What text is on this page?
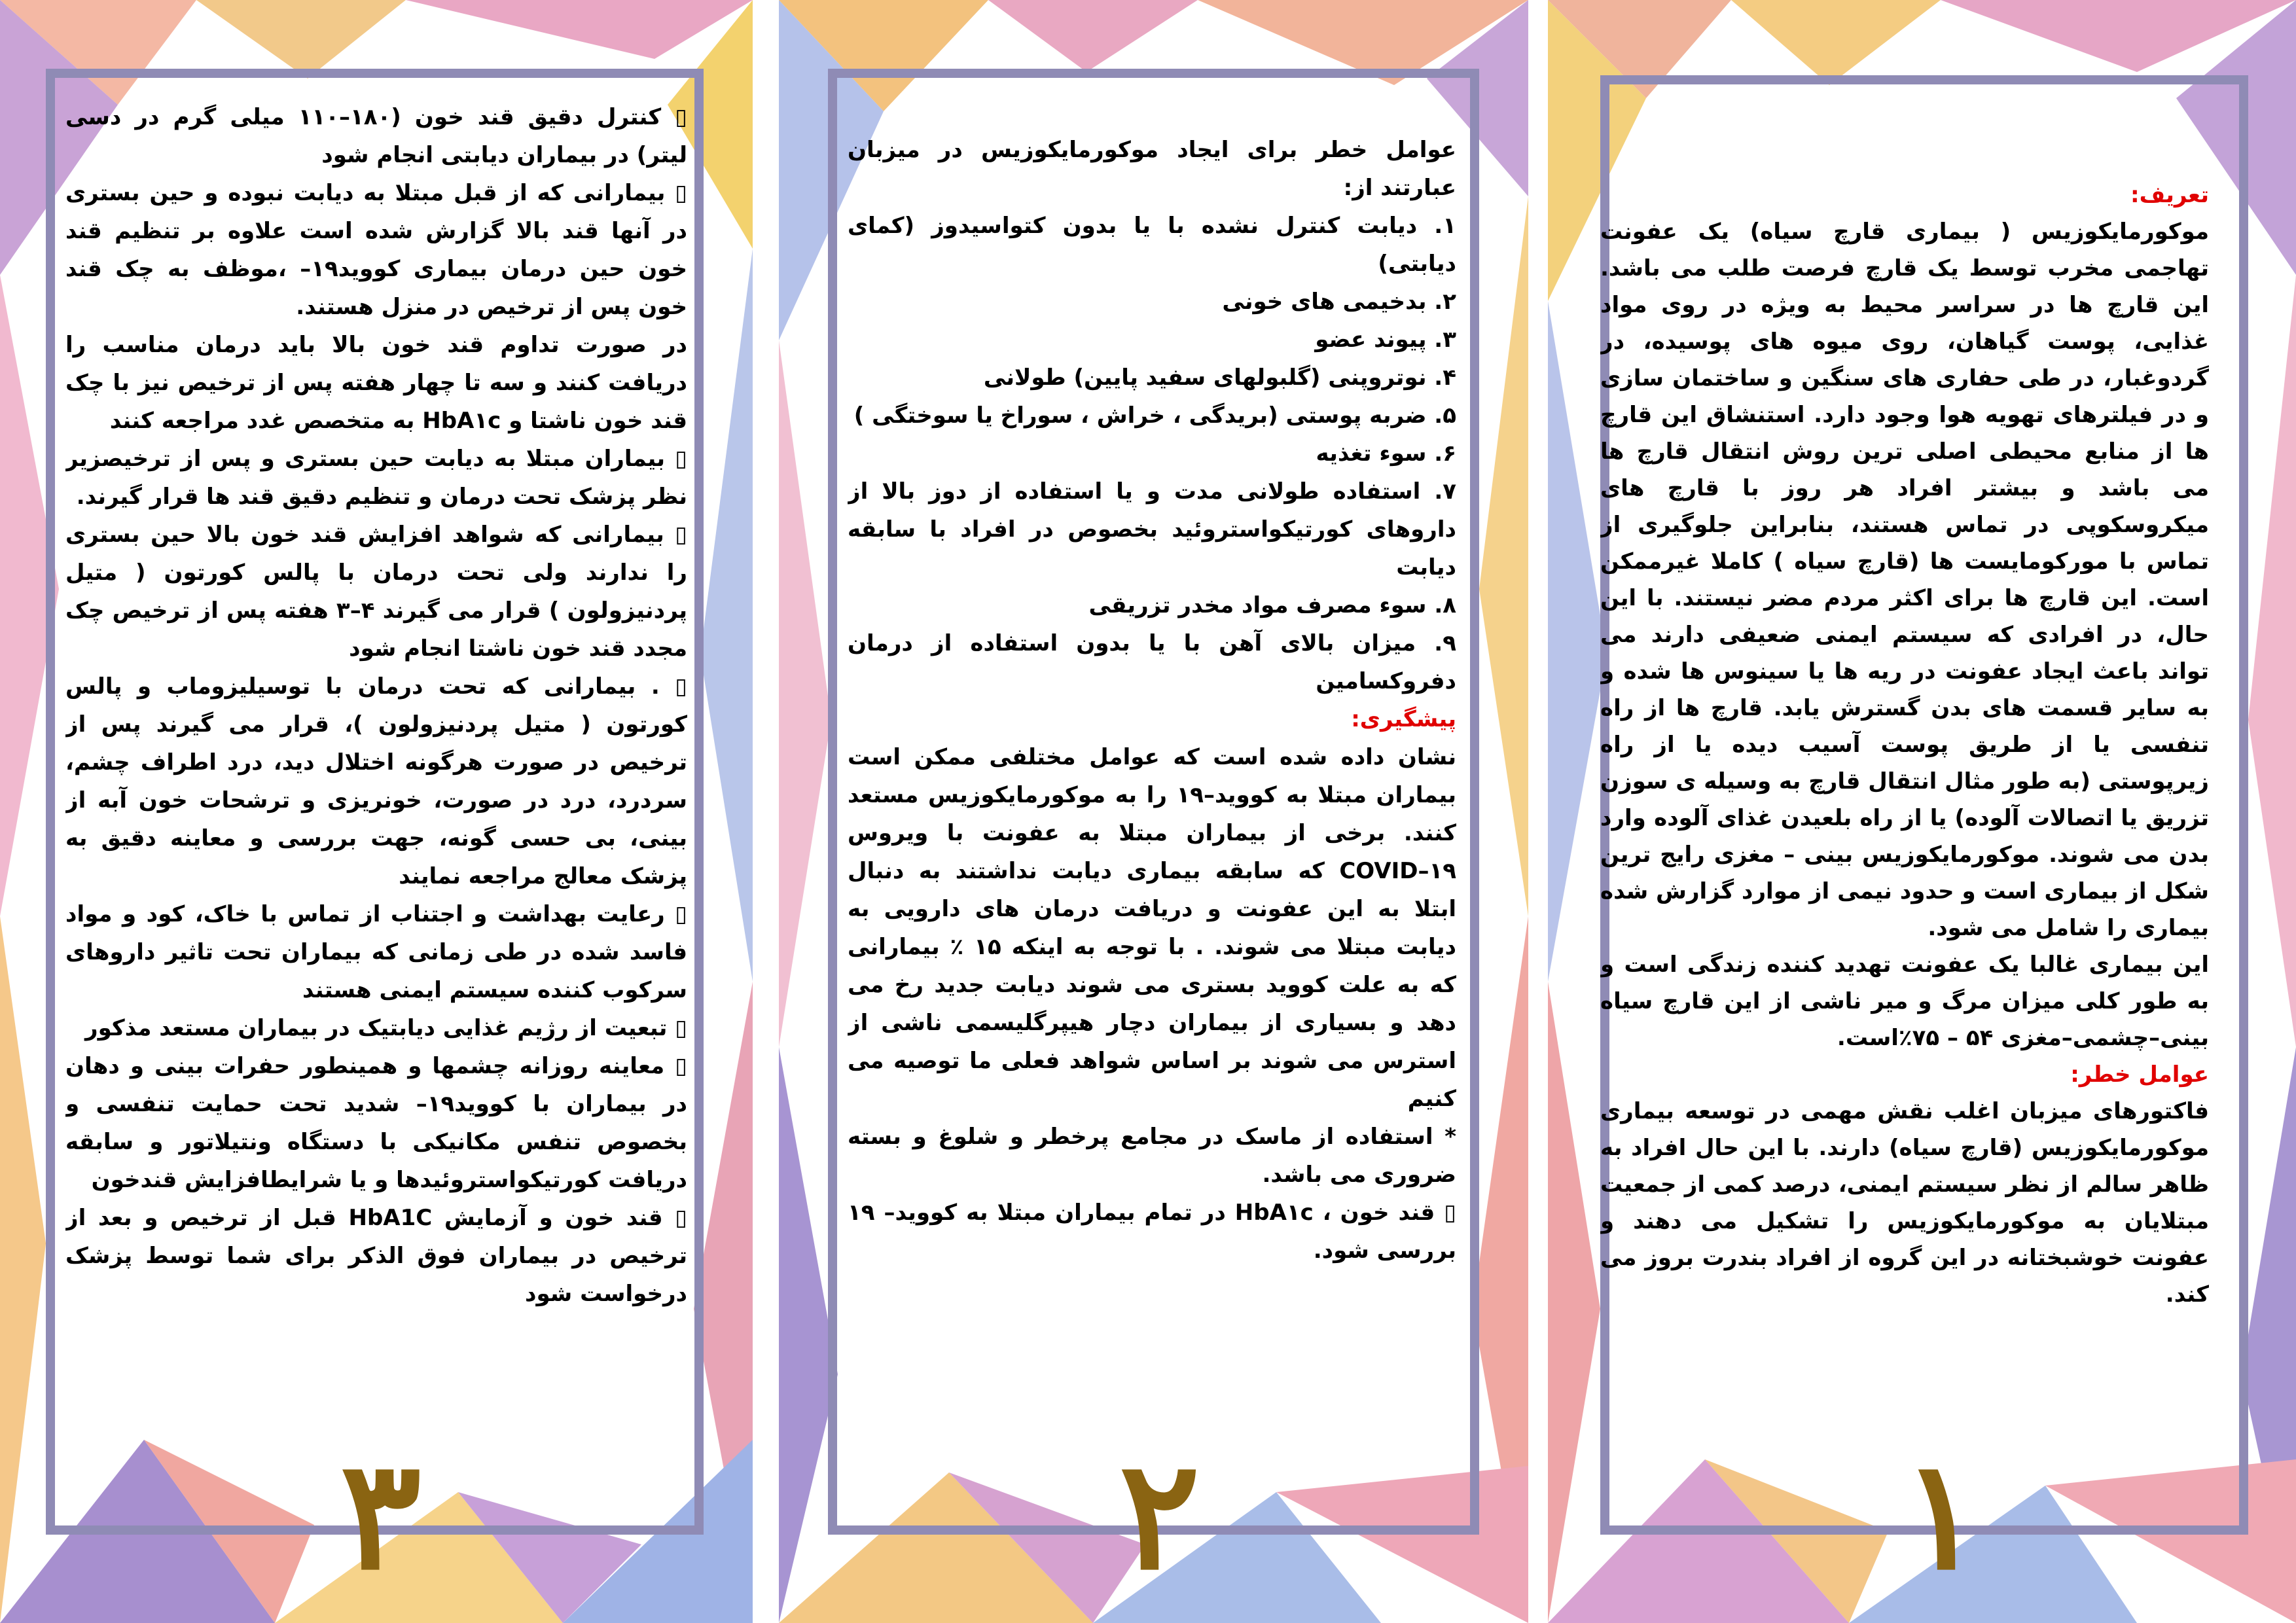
▯ کنترل دقیق قند خون (۱۸۰–۱۱۰ میلی گرم در دسی لیتر) در بیماران دیابتی انجام شود

▯ بیمارانی که از قبل مبتلا به دیابت نبوده و حین بستری در آنها قند بالا گزارش شده است علاوه بر تنظیم قند خون حین درمان بیماری کووید۱۹– ،موظف به چک قند خون پس از ترخیص در منزل هستند.

در صورت تداوم قند خون بالا باید درمان مناسب را دریافت کنند و سه تا چهار هفته پس از ترخیص نیز با چک قند خون ناشتا و HbA۱c به متخصص غدد مراجعه کنند

▯ بیماران مبتلا به دیابت حین بستری و پس از ترخیصزیر نظر پزشک تحت درمان و تنظیم دقیق قند ها قرار گیرند.

▯ بیمارانی که شواهد افزایش قند خون بالا حین بستری را ندارند ولی تحت درمان با پالس کورتون ( متیل پردنیزولون ) قرار می گیرند ۴–۳ هفته پس از ترخیص چک مجدد قند خون ناشتا انجام شود

▯ . بیمارانی که تحت درمان با توسیلیزوماب و پالس کورتون ( متیل پردنیزولون )، قرار می گیرند پس از ترخیص در صورت هرگونه اختلال دید، درد اطراف چشم، سردرد، درد در صورت، خونریزی و ترشحات خون آبه از بینی، بی حسی گونه، جهت بررسی و معاینه دقیق به پزشک معالج مراجعه نمایند

▯ رعایت بهداشت و اجتناب از تماس با خاک، کود و مواد فاسد شده در طی زمانی که بیماران تحت تاثیر داروهای سرکوب کننده سیستم ایمنی هستند

▯ تبعیت از رژیم غذایی دیابتیک در بیماران مستعد مذکور

▯ معاینه روزانه چشمها و همینطور حفرات بینی و دهان در بیماران با کووید۱۹– شدید تحت حمایت تنفسی و بخصوص تنفس مکانیکی با دستگاه ونتیلاتور و سابقه دریافت کورتیکواستروئیدها و یا شرایطافزایش قندخون

▯ قند خون و آزمایش HbA1C قبل از ترخیص و بعد از ترخیص در بیماران فوق الذکر برای شما توسط پزشک درخواست شود

۳

عوامل خطر برای ایجاد موکورمایکوزیس در میزبان عبارتند از:

۱. دیابت کنترل نشده با یا بدون کتواسیدوز (کمای دیابتی)

۲. بدخیمی های خونی

۳. پیوند عضو

۴. نوتروپنی (گلبولهای سفید پایین) طولانی

۵. ضربه پوستی (بریدگی ، خراش ، سوراخ یا سوختگی )

۶. سوء تغذیه

۷. استفاده طولانی مدت و یا استفاده از دوز بالا از داروهای کورتیکواستروئید بخصوص در افراد با سابقه دیابت

۸. سوء مصرف مواد مخدر تزریقی

۹. میزان بالای آهن با یا بدون استفاده از درمان دفروکسامین

پیشگیری:

نشان داده شده است که عوامل مختلفی ممکن است بیماران مبتلا به کووید–۱۹ را به موکورمایکوزیس مستعد کنند. برخی از بیماران مبتلا به عفونت با ویروس COVID–۱۹ که سابقه بیماری دیابت نداشتند به دنبال ابتلا به این عفونت و دریافت درمان های دارویی به دیابت مبتلا می شوند. . با توجه به اینکه ۱۵ ٪ بیمارانی که به علت کووید بستری می شوند دیابت جدید رخ می دهد و بسیاری از بیماران دچار هیپرگلیسمی ناشی از استرس می شوند بر اساس شواهد فعلی ما توصیه می کنیم

* استفاده از ماسک در مجامع پرخطر و شلوغ و بسته ضروری می باشد.

▯ قند خون ، HbA۱c در تمام بیماران مبتلا به کووید– ۱۹ بررسی شود.

۲

تعریف:

موکورمایکوزیس ( بیماری قارچ سیاه) یک عفونت تهاجمی مخرب توسط یک قارچ فرصت طلب می باشد. این قارچ ها در سراسر محیط به ویژه در روی مواد غذایی، پوست گیاهان، روی میوه های پوسیده، در گردوغبار، در طی حفاری های سنگین و ساختمان سازی و در فیلترهای تهویه هوا وجود دارد. استنشاق این قارچ ها از منابع محیطی اصلی ترین روش انتقال قارچ ها می باشد و بیشتر افراد هر روز با قارچ های میکروسکوپی در تماس هستند، بنابراین جلوگیری از تماس با مورکومایست ها (قارچ سیاه ) کاملا غیرممکن است. این قارچ ها برای اکثر مردم مضر نیستند. با این حال، در افرادی که سیستم ایمنی ضعیفی دارند می تواند باعث ایجاد عفونت در ریه ها یا سینوس ها شده و به سایر قسمت های بدن گسترش یابد. قارچ ها از راه تنفسی یا از طریق پوست آسیب دیده یا از راه زیرپوستی (به طور مثال انتقال قارچ به وسیله ی سوزن تزریق یا اتصالات آلوده) یا از راه بلعیدن غذای آلوده وارد بدن می شوند. موکورمایکوزیس بینی – مغزی رایج ترین شکل از بیماری است و حدود نیمی از موارد گزارش شده بیماری را شامل می شود.

این بیماری غالبا یک عفونت تهدید کننده زندگی است و به طور کلی میزان مرگ و میر ناشی از این قارچ سیاه بینی–چشمی–مغزی ۵۴ – ۷۵٪است.

عوامل خطر:

فاکتورهای میزبان اغلب نقش مهمی در توسعه بیماری موکورمایکوزیس (قارچ سیاه) دارند. با این حال افراد به ظاهر سالم از نظر سیستم ایمنی، درصد کمی از جمعیت مبتلایان به موکورمایکوزیس را تشکیل می دهند و عفونت خوشبختانه در این گروه از افراد بندرت بروز می کند.

۱
